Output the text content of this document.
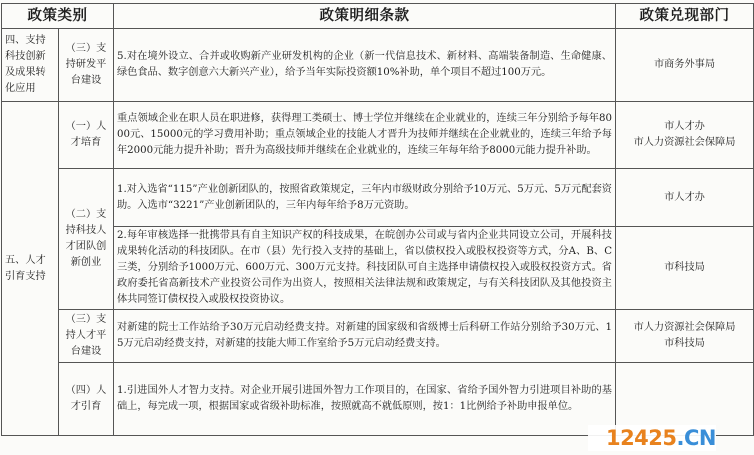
政策类别		政策明细条款	政策兑现部门
四、支持科技创新及成果转化应用	（三）支持研发平台建设	5.对在境外设立、合并或收购新产业研发机构的企业（新一代信息技术、新材料、高端装备制造、生命健康、绿色食品、数字创意六大新兴产业），给予当年实际投资额10%补助，单个项目不超过100万元。	市商务外事局
五、人才引育支持	（一）人才培育	重点领域企业在职人员在职进修，获得理工类硕士、博士学位并继续在企业就业的，连续三年分别给予每年8000元、15000元的学习费用补助；重点领域企业的技能人才晋升为技师并继续在企业就业的，连续三年给予每年2000元能力提升补助；晋升为高级技师并继续在企业就业的，连续三年每年给予8000元能力提升补助。	市人才办
市人力资源社会保障局

	（二）支持科技人才团队创新创业	1.对入选省“115”产业创新团队的，按照省政策规定，三年内市级财政分别给予10万元、5万元、5万元配套资助。入选市“3221”产业创新团队的，三年内每年给予8万元资助。	市人才办
		2.每年审核选择一批携带具有自主知识产权的科技成果，在皖创办公司或与省内企业共同设立公司，开展科技成果转化活动的科技团队。在市（县）先行投入支持的基础上，省以债权投入或股权投资等方式，分A、B、C三类，分别给予1000万元、600万元、300万元支持。科技团队可自主选择申请债权投入或股权投资方式。省政府委托省高新技术产业投资公司作为出资人，按照相关法律法规和政策规定，与有关科技团队及其他投资主体共同签订债权投入或股权投资协议。	市科技局
	（三）支持人才平台建设	对新建的院士工作站给予30万元启动经费支持。对新建的国家级和省级博士后科研工作站分别给予30万元、15万元启动经费支持，对新建的技能大师工作室给予5万元启动经费支持。	市人力资源社会保障局
市科技局

	（四）人才引育	1.引进国外人才智力支持。对企业开展引进国外智力工作项目的，在国家、省给予国外智力引进项目补助的基础上，每完成一项，根据国家或省级补助标准，按照就高不就低原则，按1：1比例给予补助申报单位。	
12425 . CN
